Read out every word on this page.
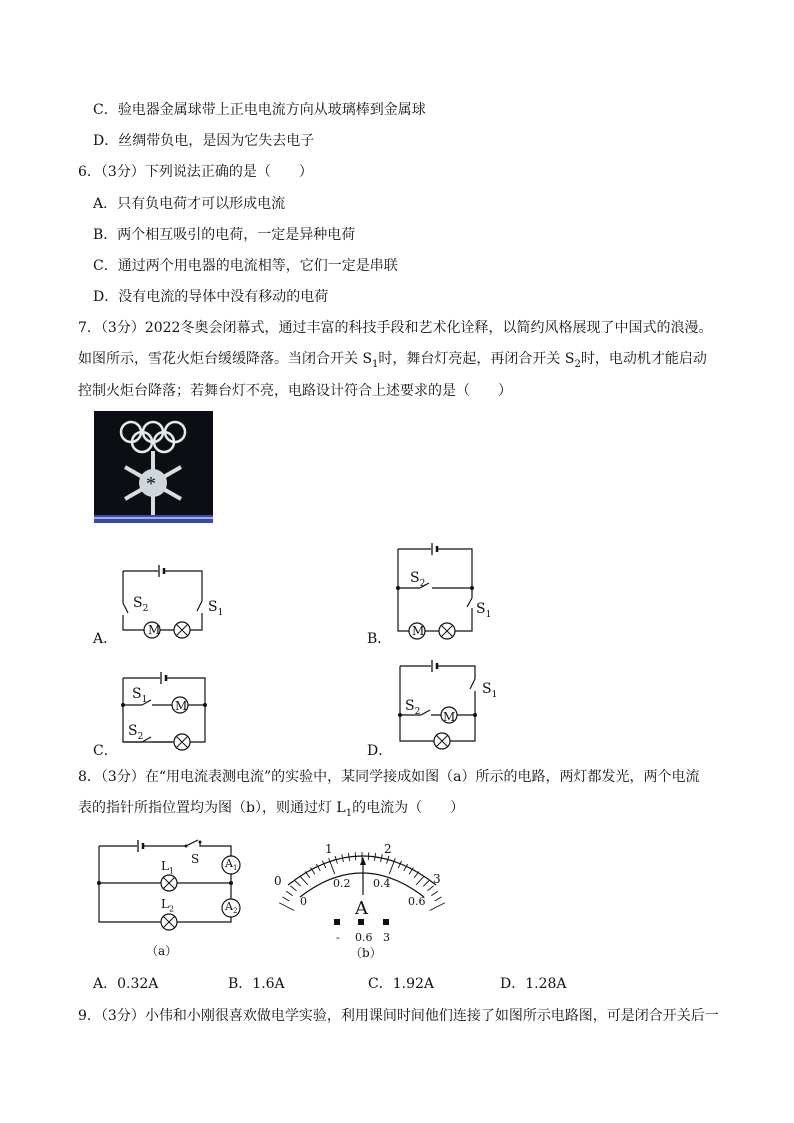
C．验电器金属球带上正电电流方向从玻璃棒到金属球
D．丝绸带负电，是因为它失去电子
6．（3分）下列说法正确的是（　　）
A．只有负电荷才可以形成电流
B．两个相互吸引的电荷，一定是异种电荷
C．通过两个用电器的电流相等，它们一定是串联
D．没有电流的导体中没有移动的电荷
7．（3分）2022冬奥会闭幕式，通过丰富的科技手段和艺术化诠释，以简约风格展现了中国式的浪漫。
如图所示，雪花火炬台缓缓降落。当闭合开关 $S_1$时，舞台灯亮起，再闭合开关 $S_2$时，电动机才能启动
控制火炬台降落；若舞台灯不亮，电路设计符合上述要求的是（　　）
*
A．
$S_2$	$S_1$
M
B．
$S_2$
$S_1$
M
C．
$S_1$
$S_2$
M
D．
$S_1$
$S_2$ M
8．（3分）在“用电流表测电流”的实验中，某同学接成如图（a）所示的电路，两灯都发光，两个电流
表的指针所指位置均为图（b），则通过灯 $L_1$的电流为（　　）
$L_1$
$L_2$
S $A_1$
$A_2$
（a）
0
1	2
3
0
0.2 0.4
0.6
A
- 0.6 3
（b）
A．0.32A	B．1.6A	C．1.92A	D．1.28A
9．（3分）小伟和小刚很喜欢做电学实验，利用课间时间他们连接了如图所示电路图，可是闭合开关后一
